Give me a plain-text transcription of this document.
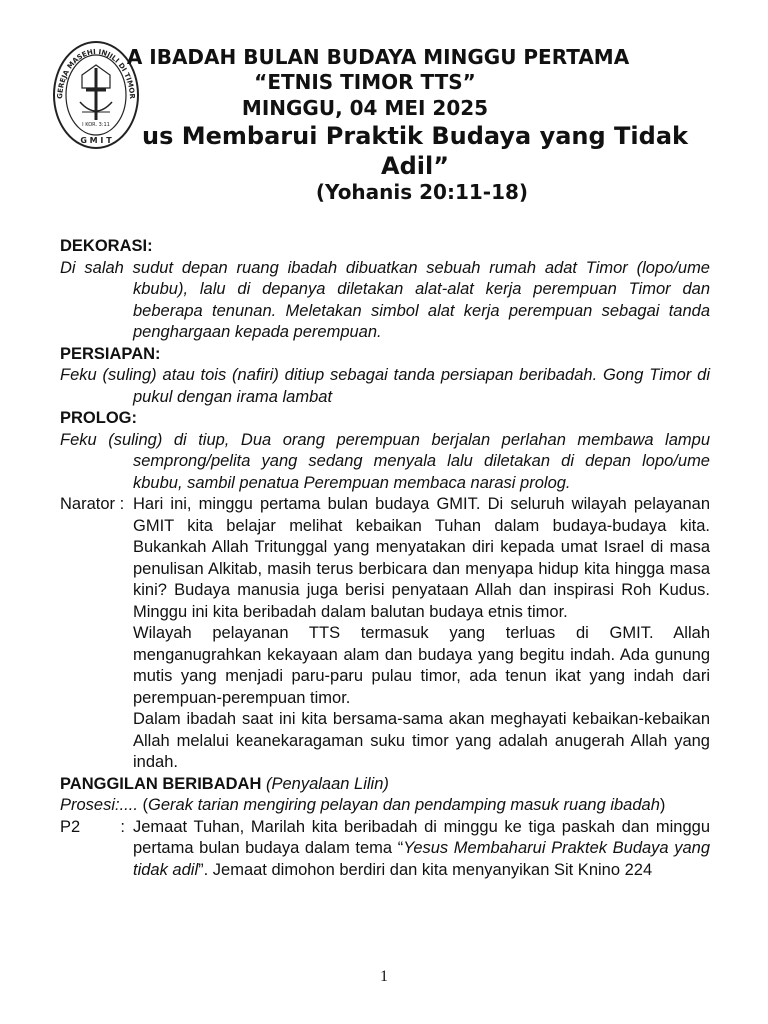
GEREJA MASEHI INJILI DI TIMOR
I KOR. 3:11
G M I T
A IBADAH BULAN BUDAYA MINGGU PERTAMA
“ETNIS TIMOR TTS”
MINGGU, 04 MEI 2025
us Membarui Praktik Budaya yang Tidak
Adil”
(Yohanis 20:11-18)
DEKORASI:
Di salah sudut depan ruang ibadah dibuatkan sebuah rumah adat Timor (lopo/ume kbubu), lalu di depanya diletakan alat-alat kerja perempuan Timor dan beberapa tenunan. Meletakan simbol alat kerja perempuan sebagai tanda penghargaan kepada perempuan.
PERSIAPAN:
Feku (suling) atau tois (nafiri) ditiup sebagai tanda persiapan beribadah. Gong Timor di pukul dengan irama lambat
PROLOG:
Feku (suling) di tiup, Dua orang perempuan berjalan perlahan membawa lampu semprong/pelita yang sedang menyala lalu diletakan di depan lopo/ume kbubu, sambil penatua Perempuan membaca narasi prolog.
Narator : Hari ini, minggu pertama bulan budaya GMIT. Di seluruh wilayah pelayanan GMIT kita belajar melihat kebaikan Tuhan dalam budaya-budaya kita. Bukankah Allah Tritunggal yang menyatakan diri kepada umat Israel di masa penulisan Alkitab, masih terus berbicara dan menyapa hidup kita hingga masa kini? Budaya manusia juga berisi penyataan Allah dan inspirasi Roh Kudus. Minggu ini kita beribadah dalam balutan budaya etnis timor.

Wilayah pelayanan TTS termasuk yang terluas di GMIT. Allah menganugrahkan kekayaan alam dan budaya yang begitu indah. Ada gunung mutis yang menjadi paru-paru pulau timor, ada tenun ikat yang indah dari perempuan-perempuan timor.

Dalam ibadah saat ini kita bersama-sama akan meghayati kebaikan-kebaikan Allah melalui keanekaragaman suku timor yang adalah anugerah Allah yang indah.

PANGGILAN BERIBADAH (Penyalaan Lilin)
Prosesi:.... (Gerak tarian mengiring pelayan dan pendamping masuk ruang ibadah)
P2 : Jemaat Tuhan, Marilah kita beribadah di minggu ke tiga paskah dan minggu pertama bulan budaya dalam tema “Yesus Membaharui Praktek Budaya yang tidak adil”. Jemaat dimohon berdiri dan kita menyanyikan Sit Knino 224
1
